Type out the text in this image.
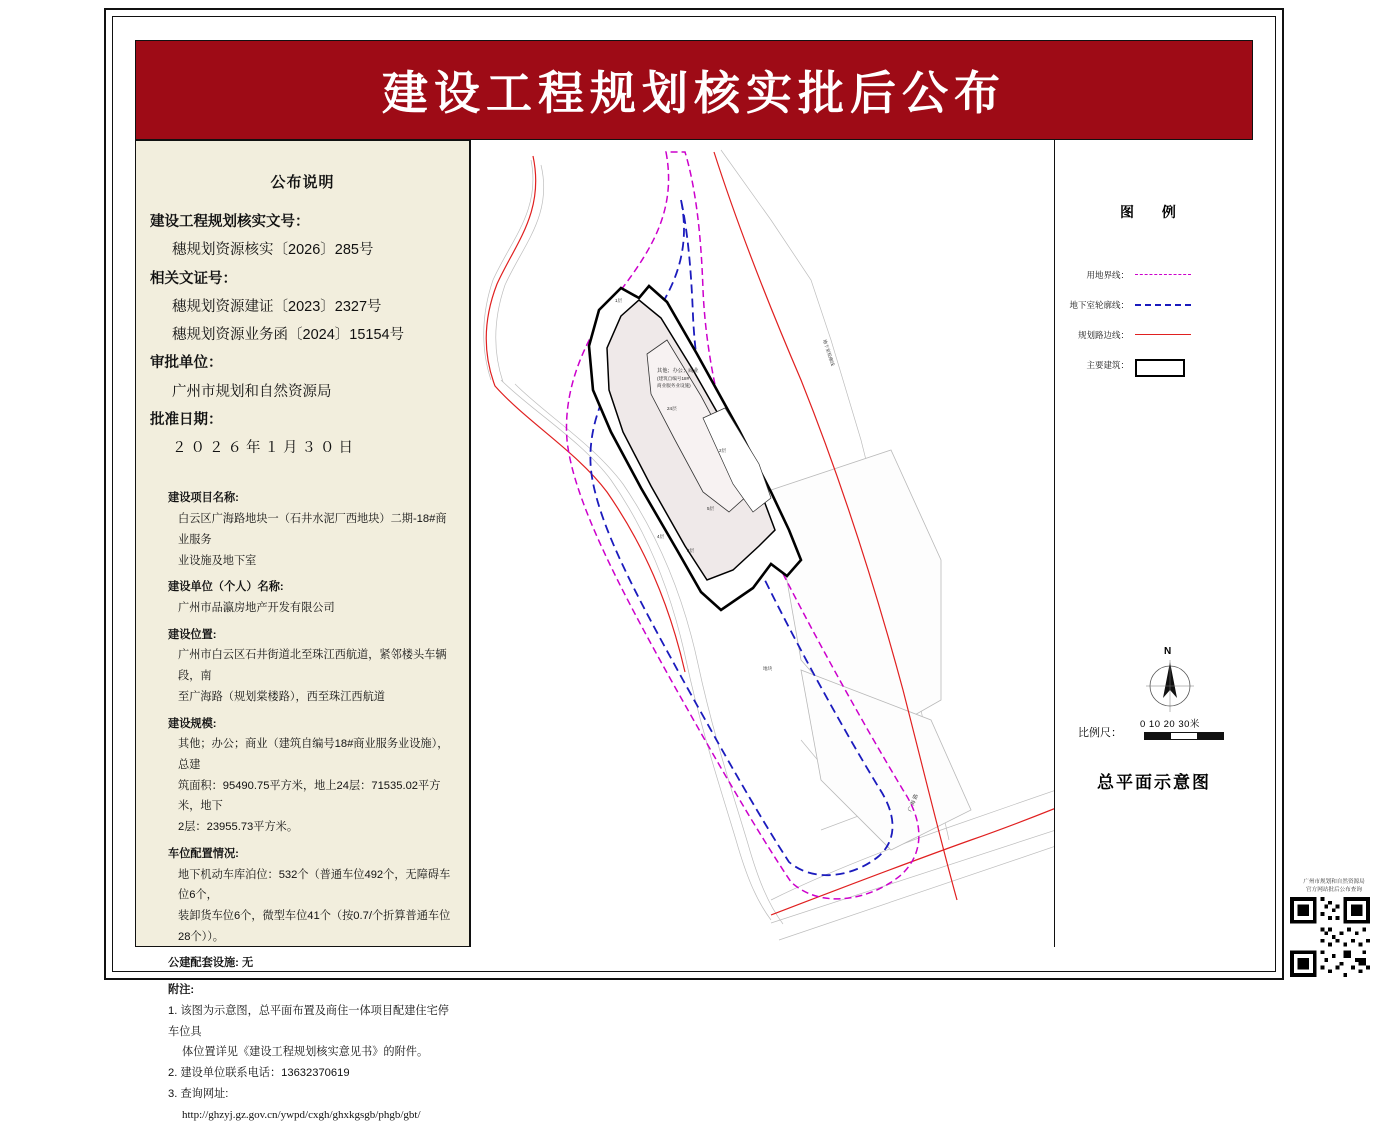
建设工程规划核实批后公布
公布说明
建设工程规划核实文号：
穗规划资源核实〔2026〕285号
相关文证号：
穗规划资源建证〔2023〕2327号
穗规划资源业务函〔2024〕15154号
审批单位：
广州市规划和自然资源局
批准日期：
２０２６年１月３０日
建设项目名称:
白云区广海路地块一（石井水泥厂西地块）二期-18#商业服务
业设施及地下室
建设单位（个人）名称:
广州市品瀛房地产开发有限公司
建设位置:
广州市白云区石井街道北至珠江西航道，紧邻楼头车辆段，南
至广海路（规划棠楼路），西至珠江西航道
建设规模:
其他；办公；商业（建筑自编号18#商业服务业设施），总建
筑面积：95490.75平方米，地上24层：71535.02平方米，地下
2层：23955.73平方米。
车位配置情况:
地下机动车库泊位：532个（普通车位492个，无障碍车位6个，
装卸货车位6个，微型车位41个（按0.7/个折算普通车位28个））。
公建配套设施: 无
附注:
1. 该图为示意图，总平面布置及商住一体项目配建住宅停车位具
体位置详见《建设工程规划核实意见书》的附件。
2. 建设单位联系电话：13632370619
3. 查询网址:
http://ghzyj.gz.gov.cn/ywpd/cxgh/ghxkgsgb/phgb/gbt/
其他；办公；商业
(建筑自编号18#
商业服务业设施)
24层
2层
5层
4层
2层
1层
地块
地下室轮廓线
广 海 路
图 例
用地界线：
地下室轮廓线：
规划路边线：
主要建筑：
N
比例尺：
0 10 20 30米
总平面示意图
广州市规划和自然资源局
官方网站批后公布查询
